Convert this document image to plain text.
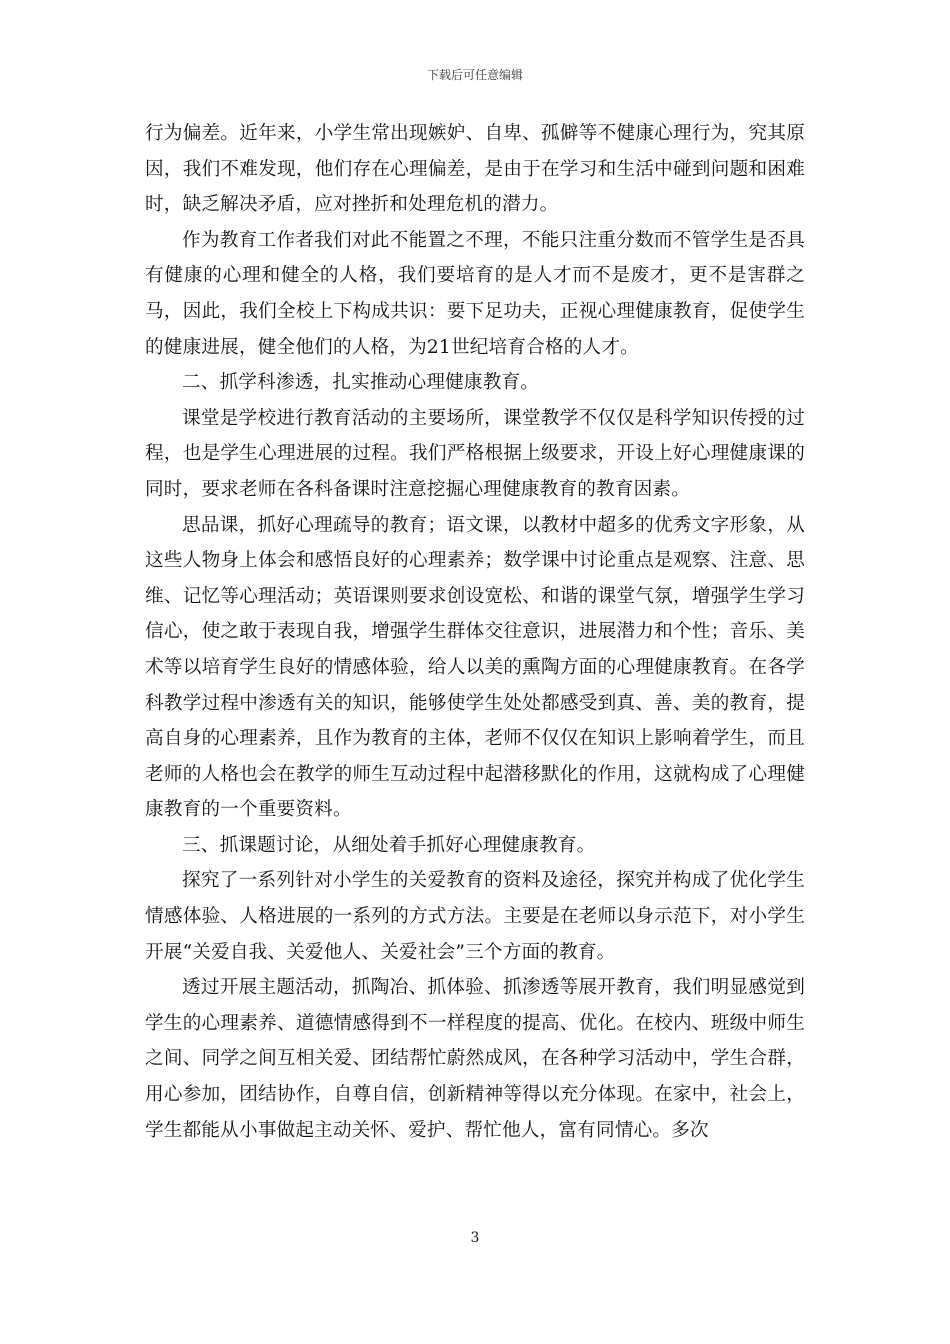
下载后可任意编辑

行为偏差。近年来，小学生常出现嫉妒、自卑、孤僻等不健康心理行为，究其原因，我们不难发现，他们存在心理偏差，是由于在学习和生活中碰到问题和困难时，缺乏解决矛盾，应对挫折和处理危机的潜力。

作为教育工作者我们对此不能置之不理，不能只注重分数而不管学生是否具有健康的心理和健全的人格，我们要培育的是人才而不是废才，更不是害群之马，因此，我们全校上下构成共识：要下足功夫，正视心理健康教育，促使学生的健康进展，健全他们的人格，为21世纪培育合格的人才。

二、抓学科渗透，扎实推动心理健康教育。

课堂是学校进行教育活动的主要场所，课堂教学不仅仅是科学知识传授的过程，也是学生心理进展的过程。我们严格根据上级要求，开设上好心理健康课的同时，要求老师在各科备课时注意挖掘心理健康教育的教育因素。

思品课，抓好心理疏导的教育；语文课，以教材中超多的优秀文字形象，从这些人物身上体会和感悟良好的心理素养；数学课中讨论重点是观察、注意、思维、记忆等心理活动；英语课则要求创设宽松、和谐的课堂气氛，增强学生学习信心，使之敢于表现自我，增强学生群体交往意识，进展潜力和个性；音乐、美术等以培育学生良好的情感体验，给人以美的熏陶方面的心理健康教育。在各学科教学过程中渗透有关的知识，能够使学生处处都感受到真、善、美的教育，提高自身的心理素养，且作为教育的主体，老师不仅仅在知识上影响着学生，而且老师的人格也会在教学的师生互动过程中起潜移默化的作用，这就构成了心理健康教育的一个重要资料。

三、抓课题讨论，从细处着手抓好心理健康教育。

探究了一系列针对小学生的关爱教育的资料及途径，探究并构成了优化学生情感体验、人格进展的一系列的方式方法。主要是在老师以身示范下，对小学生开展“关爱自我、关爱他人、关爱社会”三个方面的教育。

透过开展主题活动，抓陶冶、抓体验、抓渗透等展开教育，我们明显感觉到学生的心理素养、道德情感得到不一样程度的提高、优化。在校内、班级中师生之间、同学之间互相关爱、团结帮忙蔚然成风，在各种学习活动中，学生合群，用心参加，团结协作，自尊自信，创新精神等得以充分体现。在家中，社会上，学生都能从小事做起主动关怀、爱护、帮忙他人，富有同情心。多次

3
